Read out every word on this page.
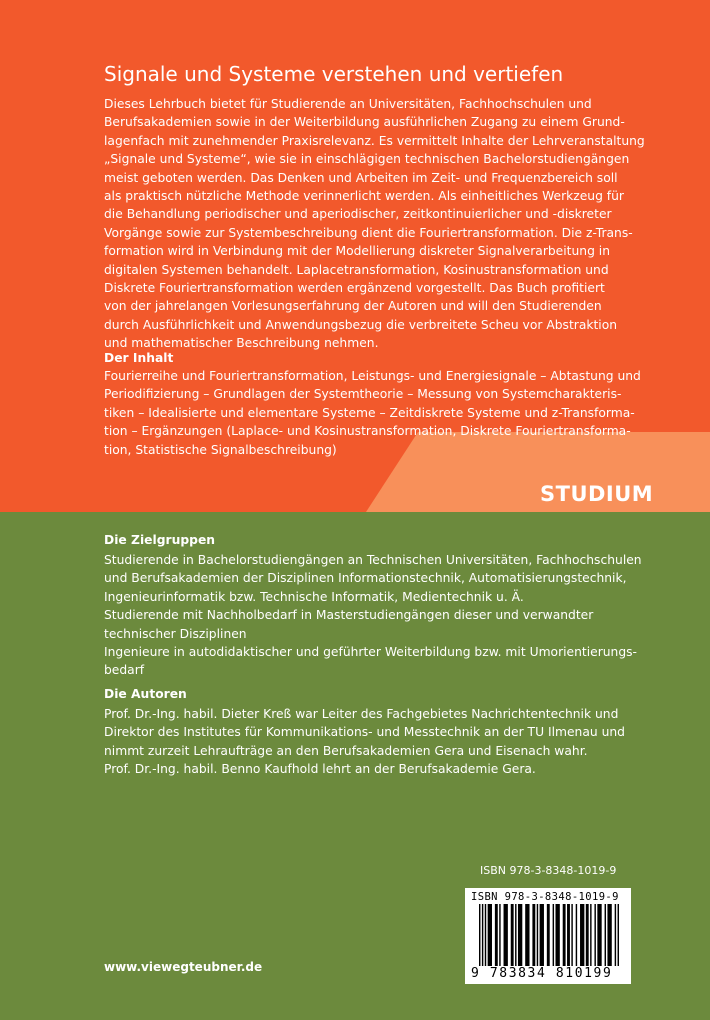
Signale und Systeme verstehen und vertiefen
Dieses Lehrbuch bietet für Studierende an Universitäten, Fachhochschulen und
Berufsakademien sowie in der Weiterbildung ausführlichen Zugang zu einem Grund-
lagenfach mit zunehmender Praxisrelevanz. Es vermittelt Inhalte der Lehrveranstaltung
„Signale und Systeme“, wie sie in einschlägigen technischen Bachelorstudiengängen
meist geboten werden. Das Denken und Arbeiten im Zeit- und Frequenzbereich soll
als praktisch nützliche Methode verinnerlicht werden. Als einheitliches Werkzeug für
die Behandlung periodischer und aperiodischer, zeitkontinuierlicher und -diskreter
Vorgänge sowie zur Systembeschreibung dient die Fouriertransformation. Die z-Trans-
formation wird in Verbindung mit der Modellierung diskreter Signalverarbeitung in
digitalen Systemen behandelt. Laplacetransformation, Kosinustransformation und
Diskrete Fouriertransformation werden ergänzend vorgestellt. Das Buch profitiert
von der jahrelangen Vorlesungserfahrung der Autoren und will den Studierenden
durch Ausführlichkeit und Anwendungsbezug die verbreitete Scheu vor Abstraktion
und mathematischer Beschreibung nehmen.
Der Inhalt
Fourierreihe und Fouriertransformation, Leistungs- und Energiesignale – Abtastung und
Periodifizierung – Grundlagen der Systemtheorie – Messung von Systemcharakteris-
tiken – Idealisierte und elementare Systeme – Zeitdiskrete Systeme und z-Transforma-
tion – Ergänzungen (Laplace- und Kosinustransformation, Diskrete Fouriertransforma-
tion, Statistische Signalbeschreibung)
STUDIUM
Die Zielgruppen
Studierende in Bachelorstudiengängen an Technischen Universitäten, Fachhochschulen
und Berufsakademien der Disziplinen Informationstechnik, Automatisierungstechnik,
Ingenieurinformatik bzw. Technische Informatik, Medientechnik u. Ä.
Studierende mit Nachholbedarf in Masterstudiengängen dieser und verwandter
technischer Disziplinen
Ingenieure in autodidaktischer und geführter Weiterbildung bzw. mit Umorientierungs-
bedarf
Die Autoren
Prof. Dr.-Ing. habil. Dieter Kreß war Leiter des Fachgebietes Nachrichtentechnik und
Direktor des Institutes für Kommunikations- und Messtechnik an der TU Ilmenau und
nimmt zurzeit Lehraufträge an den Berufsakademien Gera und Eisenach wahr.
Prof. Dr.-Ing. habil. Benno Kaufhold lehrt an der Berufsakademie Gera.
ISBN 978-3-8348-1019-9
ISBN 978-3-8348-1019-9
9 783834 810199
www.viewegteubner.de
